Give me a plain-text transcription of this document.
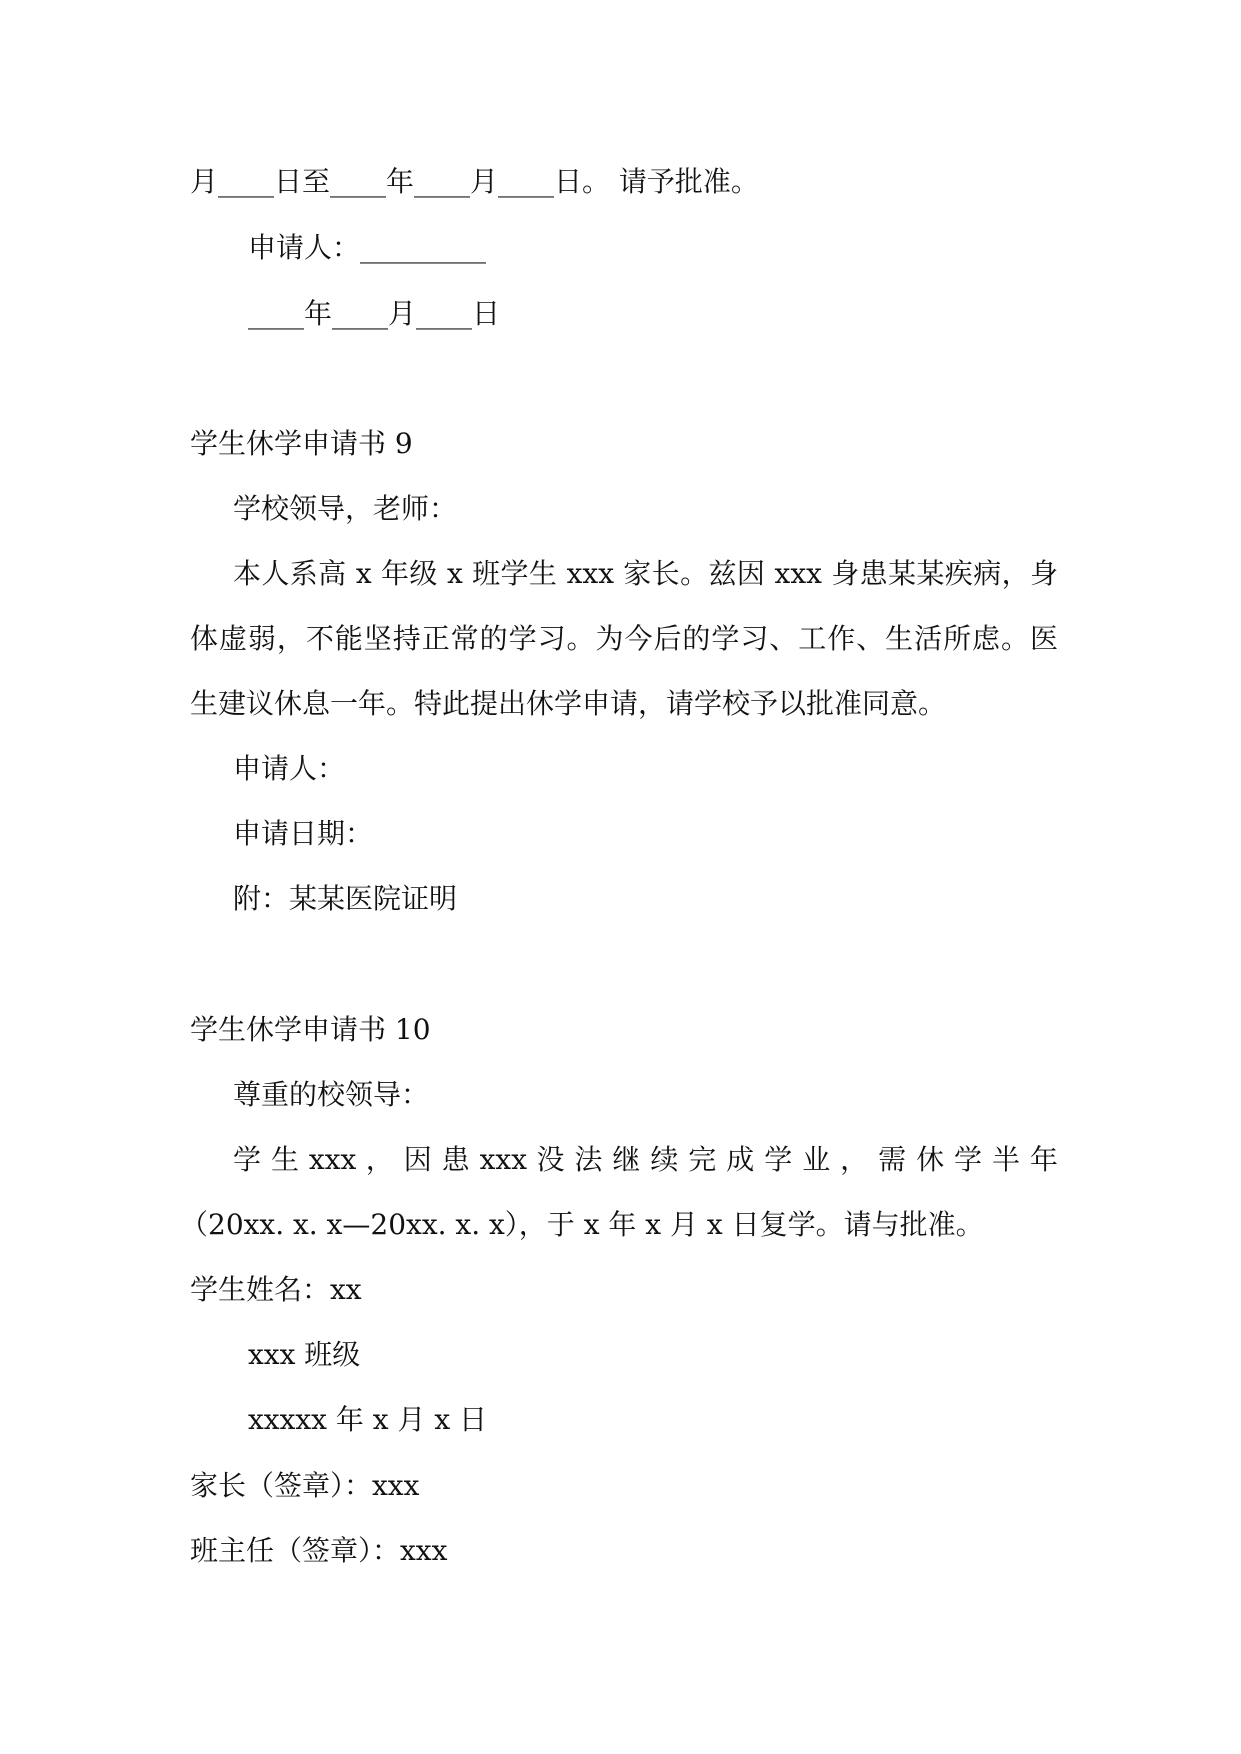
月____日至____年____月____日。 请予批准。
申请人：_________
____年____月____日
学生休学申请书 9
学校领导，老师：
本人系高 x 年级 x 班学生 xxx 家长。兹因 xxx 身患某某疾病，身
体虚弱，不能坚持正常的学习。为今后的学习、工作、生活所虑。医
生建议休息一年。特此提出休学申请，请学校予以批准同意。
申请人：
申请日期：
附：某某医院证明
学生休学申请书 10
尊重的校领导：
学 生 xxx ， 因 患 xxx 没 法 继 续 完 成 学 业 ， 需 休 学 半 年
（20xx. x. x—20xx. x. x），于 x 年 x 月 x 日复学。请与批准。
学生姓名：xx
xxx 班级
xxxxx 年 x 月 x 日
家长（签章）：xxx
班主任（签章）：xxx
